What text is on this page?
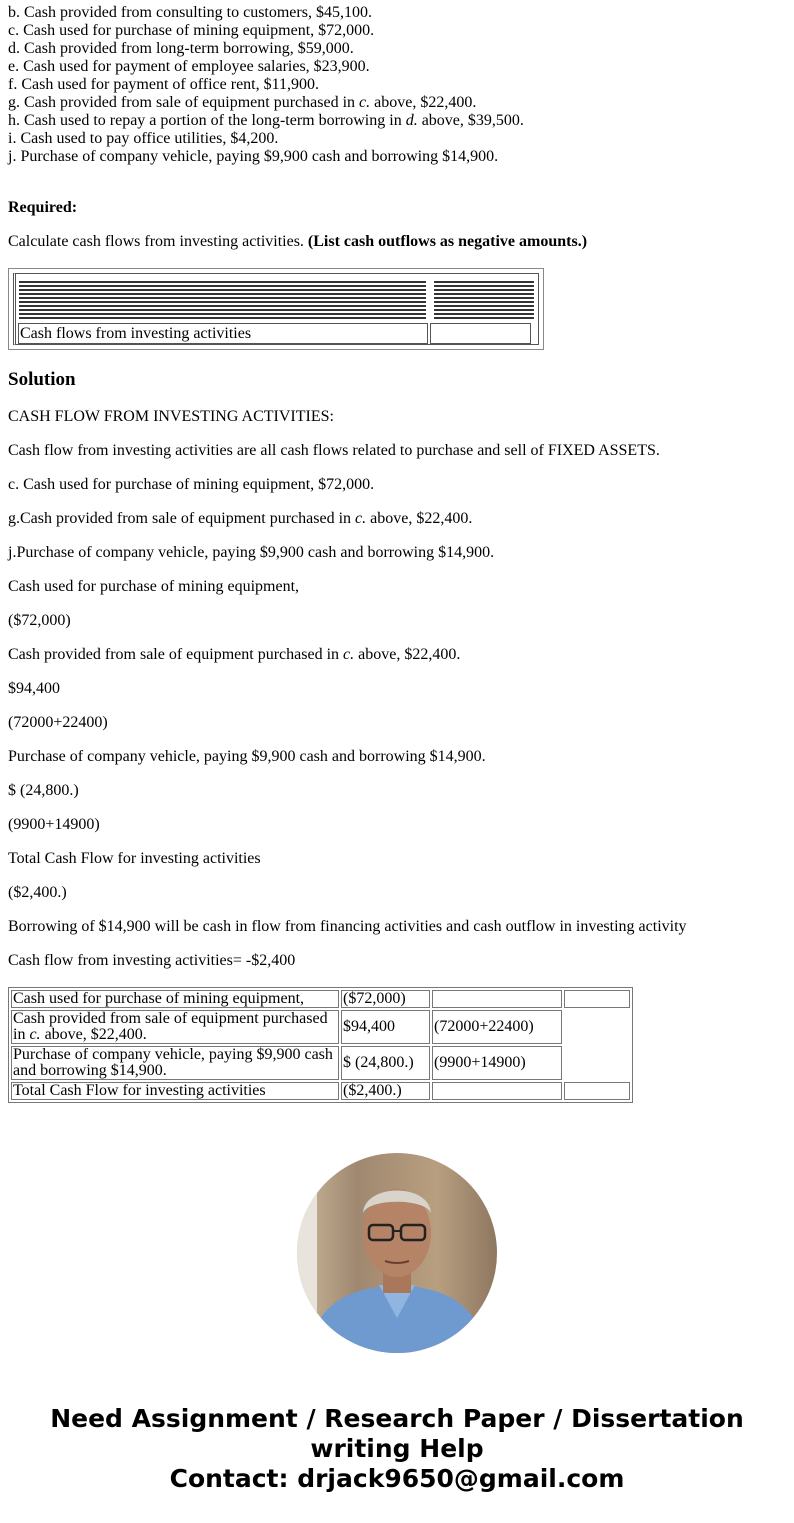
b. Cash provided from consulting to customers, $45,100.
c. Cash used for purchase of mining equipment, $72,000.
d. Cash provided from long-term borrowing, $59,000.
e. Cash used for payment of employee salaries, $23,900.
f. Cash used for payment of office rent, $11,900.
g. Cash provided from sale of equipment purchased in c. above, $22,400.
h. Cash used to repay a portion of the long-term borrowing in d. above, $39,500.
i. Cash used to pay office utilities, $4,200.
j. Purchase of company vehicle, paying $9,900 cash and borrowing $14,900.
Required:
Calculate cash flows from investing activities. (List cash outflows as negative amounts.)
Cash flows from investing activities
Solution
CASH FLOW FROM INVESTING ACTIVITIES:
Cash flow from investing activities are all cash flows related to purchase and sell of FIXED ASSETS.
c. Cash used for purchase of mining equipment, $72,000.
g.Cash provided from sale of equipment purchased in c. above, $22,400.
j.Purchase of company vehicle, paying $9,900 cash and borrowing $14,900.
Cash used for purchase of mining equipment,
($72,000)
Cash provided from sale of equipment purchased in c. above, $22,400.
$94,400
(72000+22400)
Purchase of company vehicle, paying $9,900 cash and borrowing $14,900.
$ (24,800.)
(9900+14900)
Total Cash Flow for investing activities
($2,400.)
Borrowing of $14,900 will be cash in flow from financing activities and cash outflow in investing activity
Cash flow from investing activities= -$2,400
Cash used for purchase of mining equipment,	($72,000)		
Cash provided from sale of equipment purchased in c. above, $22,400.	$94,400	(72000+22400)	
Purchase of company vehicle, paying $9,900 cash and borrowing $14,900.	$ (24,800.)	(9900+14900)	
Total Cash Flow for investing activities	($2,400.)		
Need Assignment / Research Paper / Dissertation
writing Help
Contact: drjack9650@gmail.com
